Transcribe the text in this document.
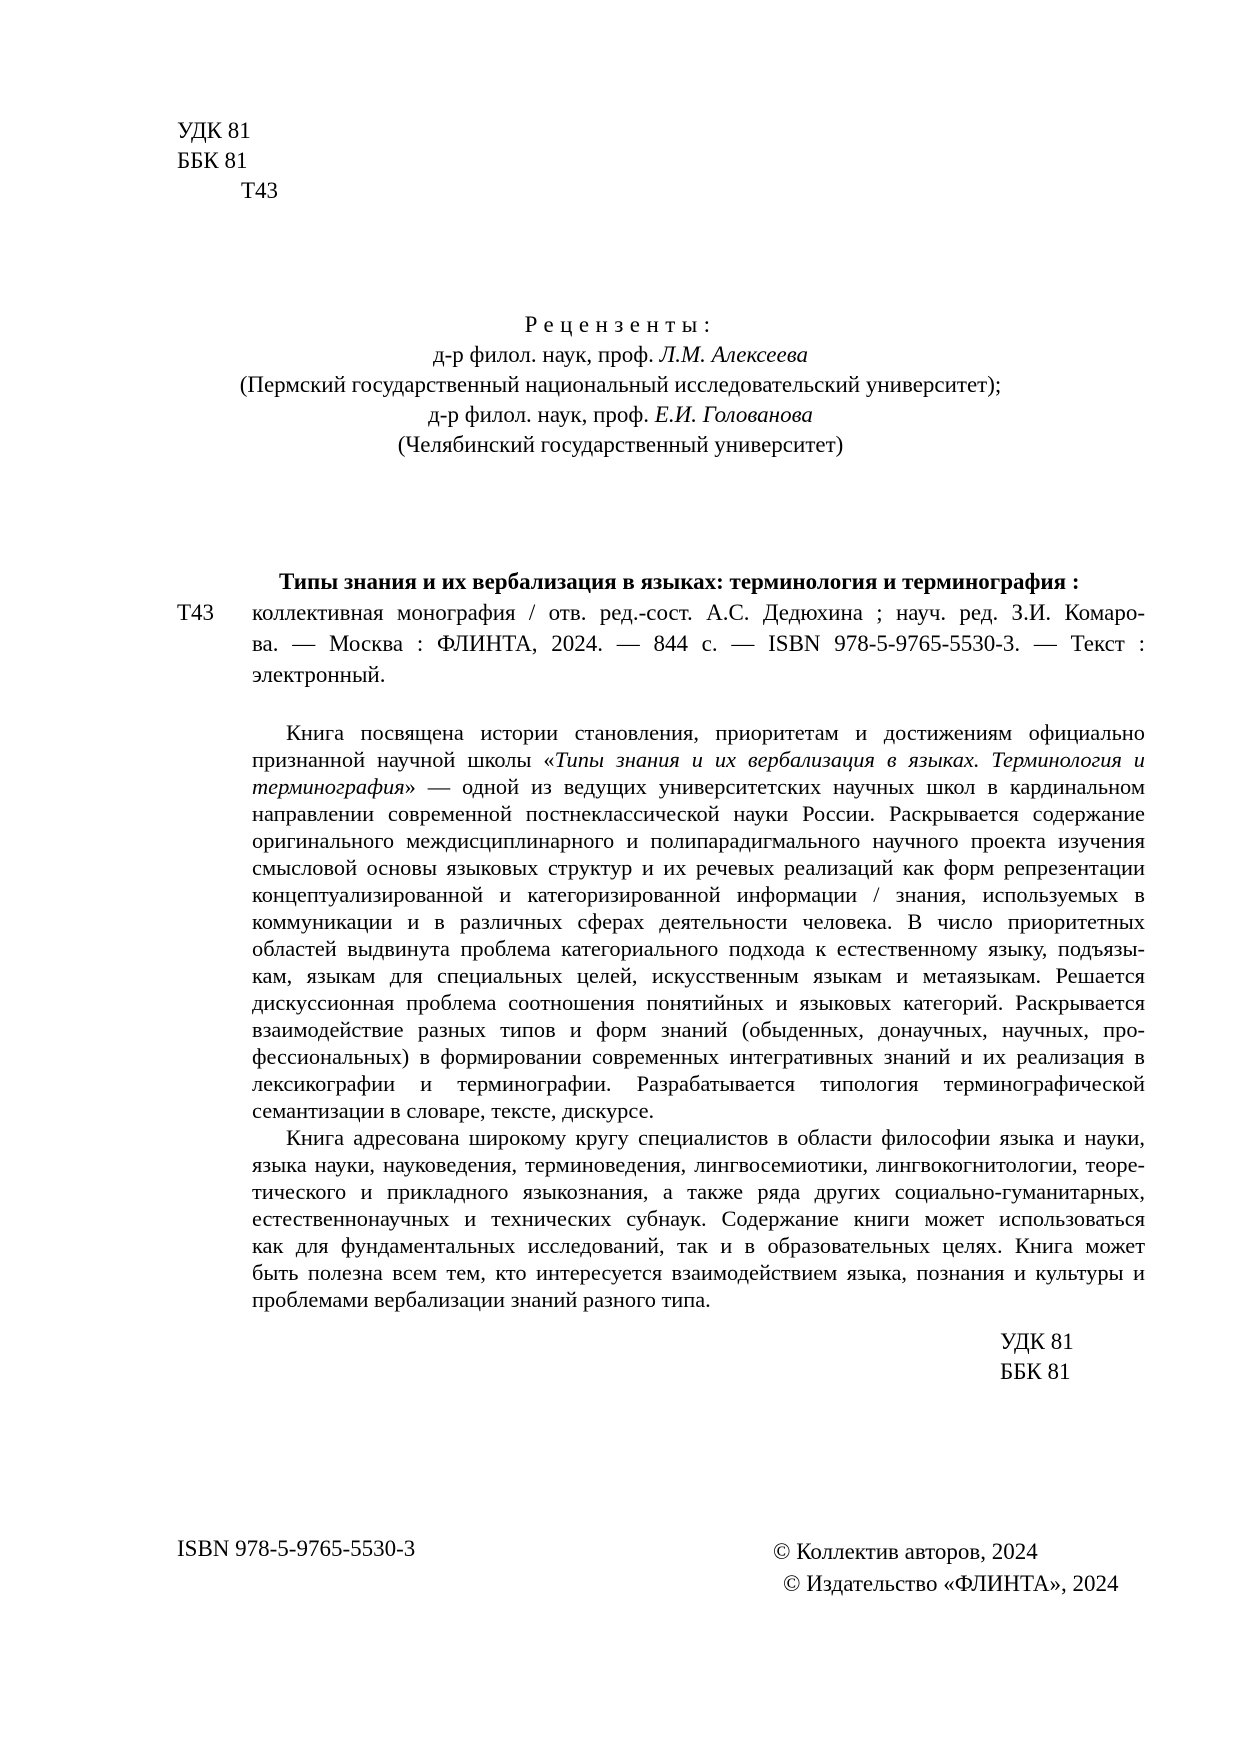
УДК 81
ББК 81
Т43
Рецензенты:
д-р филол. наук, проф. Л.М. Алексеева
(Пермский государственный национальный исследовательский университет);
д-р филол. наук, проф. Е.И. Голованова
(Челябинский государственный университет)
Т43
Типы знания и их вербализация в языках: терминология и терминография :
коллективная монография / отв. ред.-сост. А.С. Дедюхина ; науч. ред. З.И. Комаро-
ва. — Москва : ФЛИНТА, 2024. — 844 с. — ISBN 978-5-9765-5530-3. — Текст :
электронный.
Книга посвящена истории становления, приоритетам и достижениям официально
признанной научной школы «Типы знания и их вербализация в языках. Терминология и
терминография» — одной из ведущих университетских научных школ в кардинальном
направлении современной постнеклассической науки России. Раскрывается содержание
оригинального междисциплинарного и полипарадигмального научного проекта изучения
смысловой основы языковых структур и их речевых реализаций как форм репрезентации
концептуализированной и категоризированной информации / знания, используемых в
коммуникации и в различных сферах деятельности человека. В число приоритетных
областей выдвинута проблема категориального подхода к естественному языку, подъязы-
кам, языкам для специальных целей, искусственным языкам и метаязыкам. Решается
дискуссионная проблема соотношения понятийных и языковых категорий. Раскрывается
взаимодействие разных типов и форм знаний (обыденных, донаучных, научных, про-
фессиональных) в формировании современных интегративных знаний и их реализация в
лексикографии и терминографии. Разрабатывается типология терминографической
семантизации в словаре, тексте, дискурсе.
Книга адресована широкому кругу специалистов в области философии языка и науки,
языка науки, науковедения, терминоведения, лингвосемиотики, лингвокогнитологии, теоре-
тического и прикладного языкознания, а также ряда других социально-гуманитарных,
естественнонаучных и технических субнаук. Содержание книги может использоваться
как для фундаментальных исследований, так и в образовательных целях. Книга может
быть полезна всем тем, кто интересуется взаимодействием языка, познания и культуры и
проблемами вербализации знаний разного типа.
УДК 81
ББК 81
ISBN 978-5-9765-5530-3	© Коллектив авторов, 2024
© Издательство «ФЛИНТА», 2024
